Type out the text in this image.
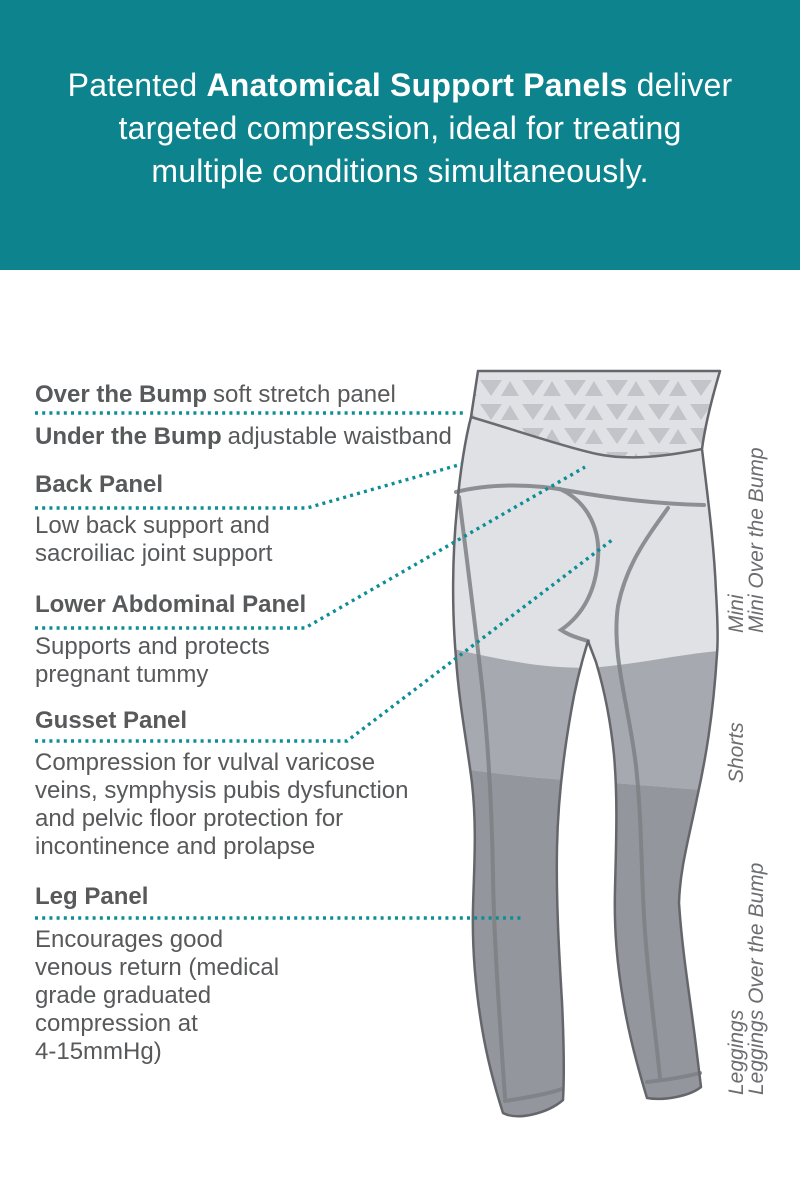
Patented Anatomical Support Panels deliver
targeted compression, ideal for treating
multiple conditions simultaneously.
Over the Bump soft stretch panel
Under the Bump adjustable waistband
Back Panel
Low back support and
sacroiliac joint support
Lower Abdominal Panel
Supports and protects
pregnant tummy
Gusset Panel
Compression for vulval varicose
veins, symphysis pubis dysfunction
and pelvic floor protection for
incontinence and prolapse
Leg Panel
Encourages good
venous return (medical
grade graduated
compression at
4-15mmHg)
Mini
Mini Over the Bump
Shorts
Leggings
Leggings Over the Bump
